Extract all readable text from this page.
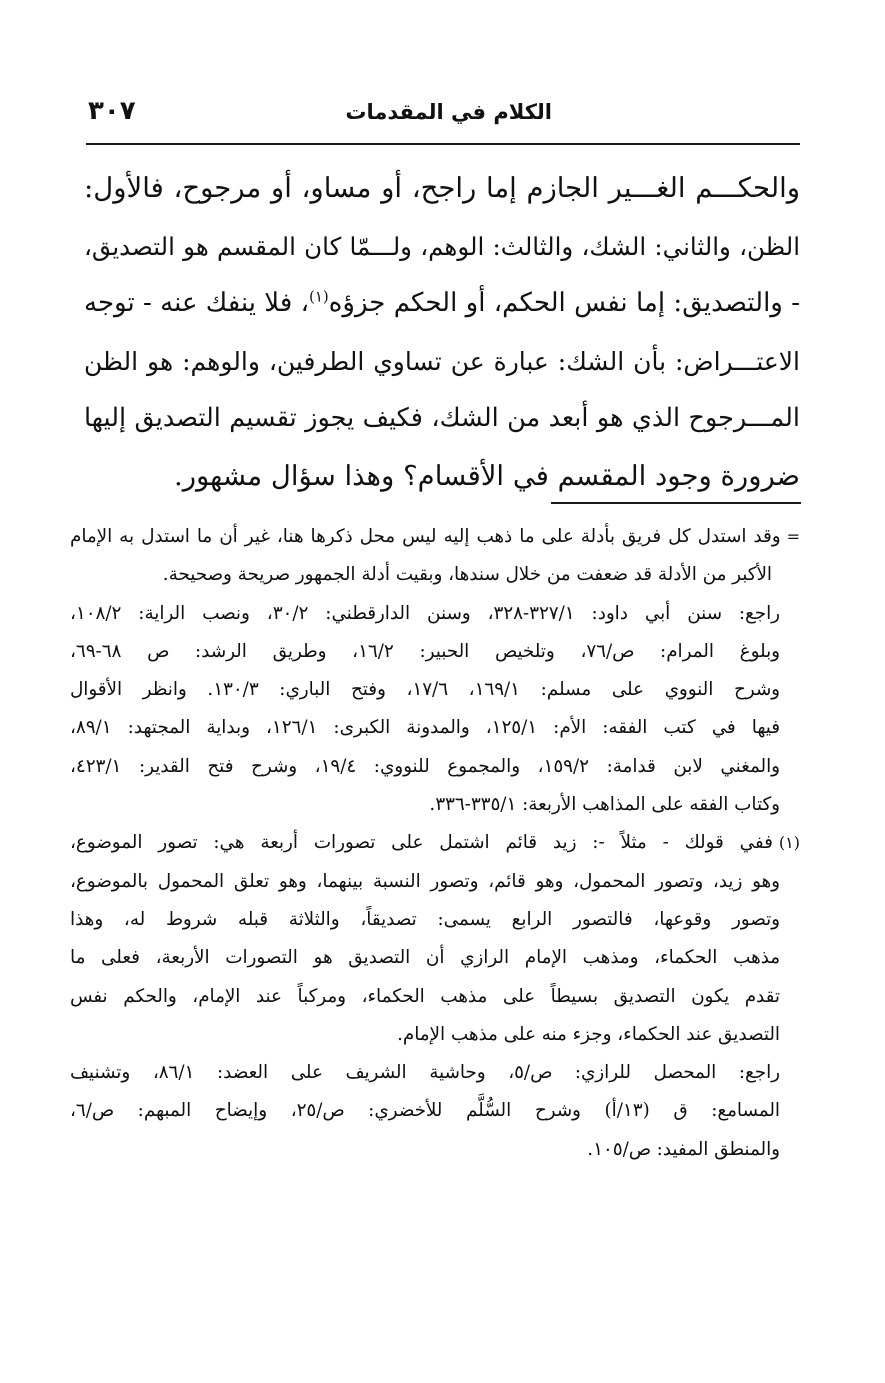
الكلام في المقدمات
٣٠٧
والحكـــم الغـــير الجازم إما راجح، أو مساو، أو مرجوح، فالأول:
الظن، والثاني: الشك، والثالث: الوهم، ولـــمّا كان المقسم هو التصديق،
- والتصديق: إما نفس الحكم، أو الحكم جزؤه$^{(١)}$، فلا ينفك عنه - توجه
الاعتـــراض: بأن الشك: عبارة عن تساوي الطرفين، والوهم: هو الظن
المـــرجوح الذي هو أبعد من الشك، فكيف يجوز تقسيم التصديق إليها
ضرورة وجود المقسم في الأقسام؟ وهذا سؤال مشهور.
=وقد استدل كل فريق بأدلة على ما ذهب إليه ليس محل ذكرها هنا، غير أن ما استدل به الإمام
الأكبر من الأدلة قد ضعفت من خلال سندها، وبقيت أدلة الجمهور صريحة وصحيحة.
راجع: سنن أبي داود: ٣٢٧/١-٣٢٨، وسنن الدارقطني: ٣٠/٢، ونصب الراية: ١٠٨/٢،
وبلوغ المرام: ص/٧٦، وتلخيص الحبير: ١٦/٢، وطريق الرشد: ص ٦٨-٦٩،
وشرح النووي على مسلم: ١٦٩/١، ١٧/٦، وفتح الباري: ١٣٠/٣. وانظر الأقوال
فيها في كتب الفقه: الأم: ١٢٥/١، والمدونة الكبرى: ١٢٦/١، وبداية المجتهد: ٨٩/١،
والمغني لابن قدامة: ١٥٩/٢، والمجموع للنووي: ١٩/٤، وشرح فتح القدير: ٤٢٣/١،
وكتاب الفقه على المذاهب الأربعة: ٣٣٥/١-٣٣٦.
(١)ففي قولك - مثلاً -: زيد قائم اشتمل على تصورات أربعة هي: تصور الموضوع،
وهو زيد، وتصور المحمول، وهو قائم، وتصور النسبة بينهما، وهو تعلق المحمول بالموضوع،
وتصور وقوعها، فالتصور الرابع يسمى: تصديقاً، والثلاثة قبله شروط له، وهذا
مذهب الحكماء، ومذهب الإمام الرازي أن التصديق هو التصورات الأربعة، فعلى ما
تقدم يكون التصديق بسيطاً على مذهب الحكماء، ومركباً عند الإمام، والحكم نفس
التصديق عند الحكماء، وجزء منه على مذهب الإمام.
راجع: المحصل للرازي: ص/٥، وحاشية الشريف على العضد: ٨٦/١، وتشنيف
المسامع: ق (١٣/أ) وشرح السُّلَّم للأخضري: ص/٢٥، وإيضاح المبهم: ص/٦،
والمنطق المفيد: ص/١٠٥.
